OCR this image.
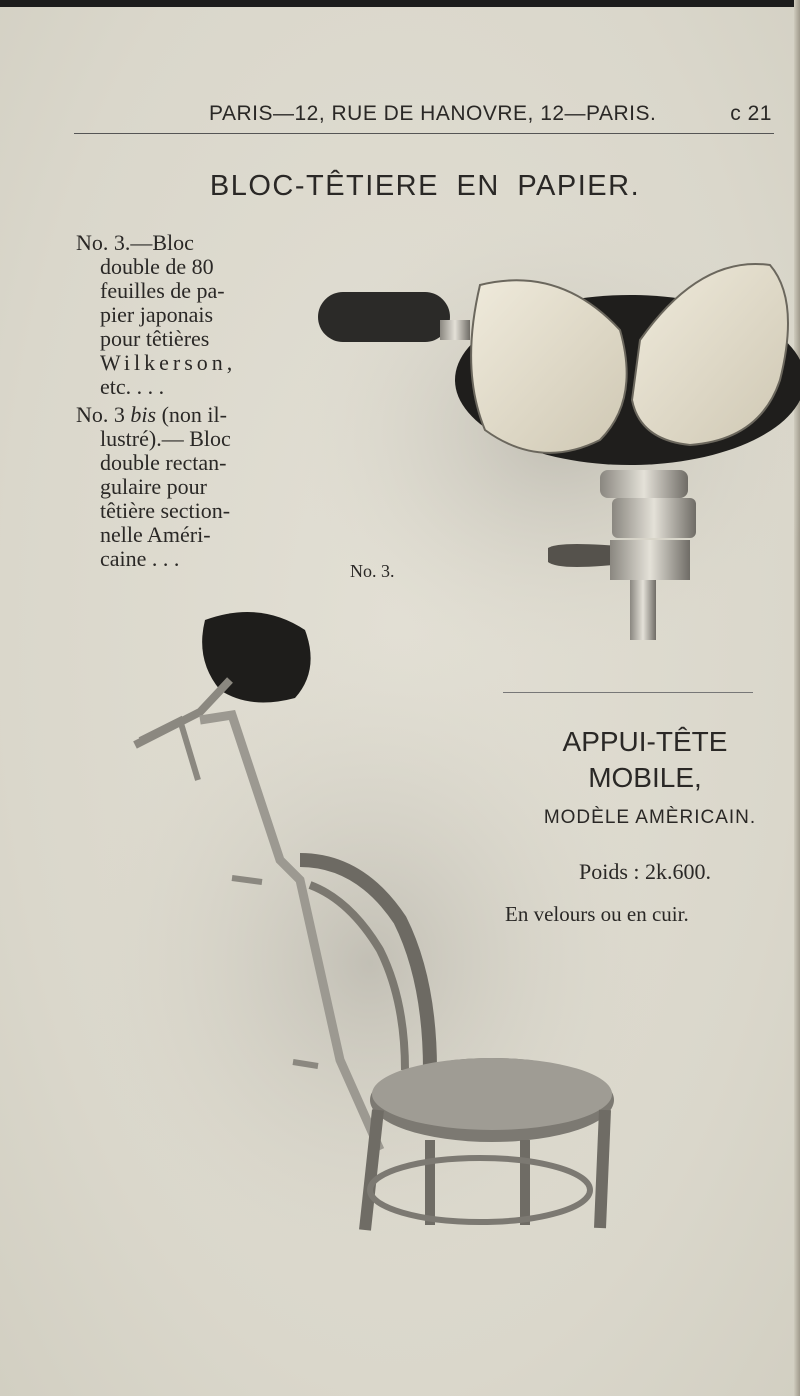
PARIS—12, RUE DE HANOVRE, 12—PARIS.	c 21
BLOC-TÊTIERE EN PAPIER.
No. 3.—Bloc
double de 80
feuilles de pa-
pier japonais
pour têtières
Wilkerson,
etc. . . .
No. 3 bis (non il-
lustré).— Bloc
double rectan-
gulaire pour
têtière section-
nelle Améri-
caine . . .	No. 3.
APPUI-TÊTE
MOBILE,
MODÈLE AMÈRICAIN.
Poids : 2k.600.
En velours ou en cuir.
